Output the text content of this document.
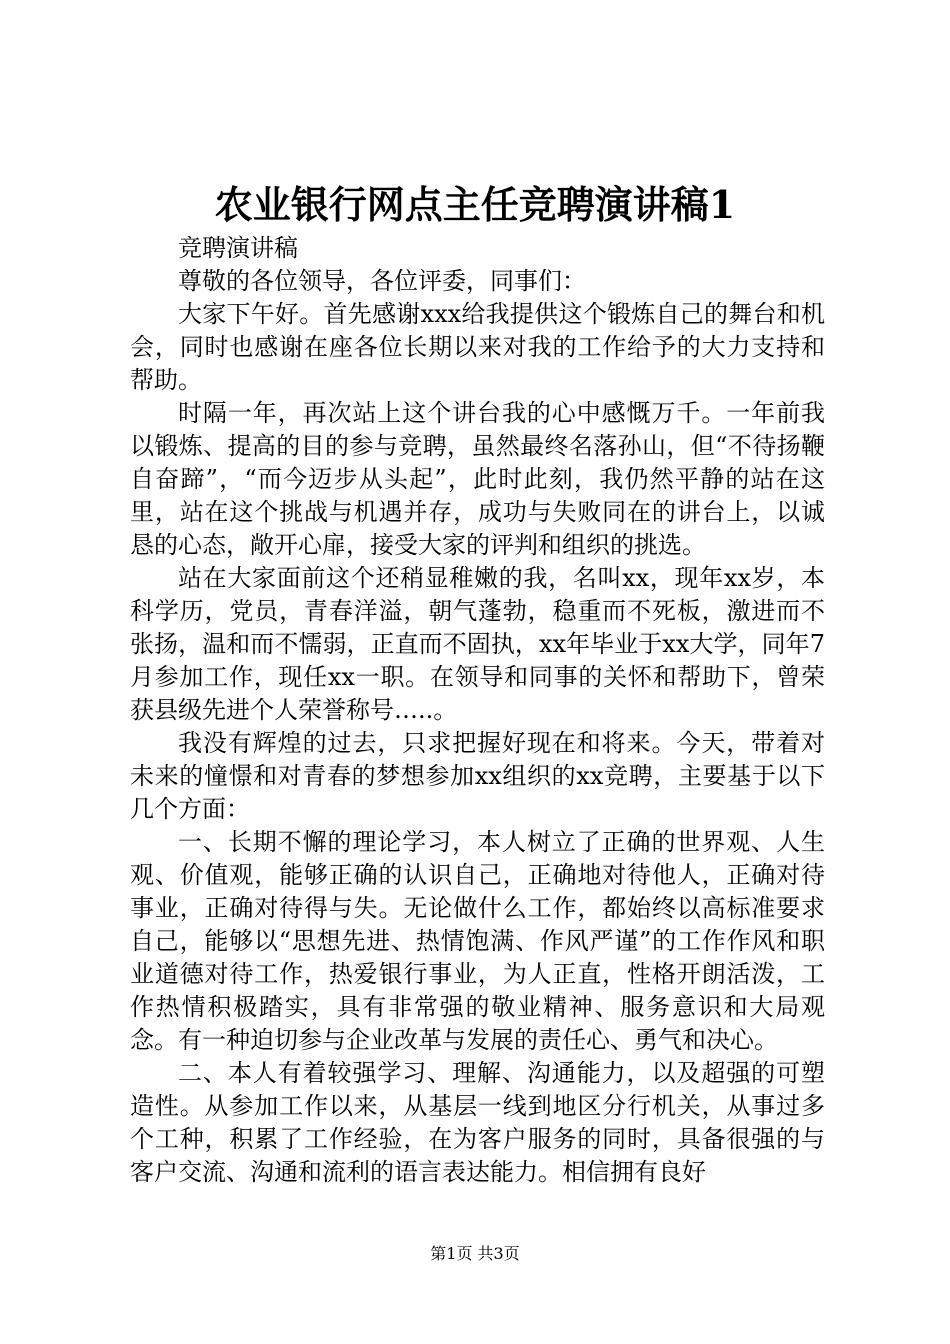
农业银行网点主任竞聘演讲稿1

竞聘演讲稿

尊敬的各位领导，各位评委，同事们：

大家下午好。首先感谢xxx给我提供这个锻炼自己的舞台和机会，同时也感谢在座各位长期以来对我的工作给予的大力支持和帮助。

时隔一年，再次站上这个讲台我的心中感慨万千。一年前我以锻炼、提高的目的参与竞聘，虽然最终名落孙山，但“不待扬鞭自奋蹄”，“而今迈步从头起”，此时此刻，我仍然平静的站在这里，站在这个挑战与机遇并存，成功与失败同在的讲台上，以诚恳的心态，敞开心扉，接受大家的评判和组织的挑选。

站在大家面前这个还稍显稚嫩的我，名叫xx，现年xx岁，本科学历，党员，青春洋溢，朝气蓬勃，稳重而不死板，激进而不张扬，温和而不懦弱，正直而不固执，xx年毕业于xx大学，同年7月参加工作，现任xx一职。在领导和同事的关怀和帮助下，曾荣获县级先进个人荣誉称号…..。

我没有辉煌的过去，只求把握好现在和将来。今天，带着对未来的憧憬和对青春的梦想参加xx组织的xx竞聘，主要基于以下几个方面：

一、长期不懈的理论学习，本人树立了正确的世界观、人生观、价值观，能够正确的认识自己，正确地对待他人，正确对待事业，正确对待得与失。无论做什么工作，都始终以高标准要求自己，能够以“思想先进、热情饱满、作风严谨”的工作作风和职业道德对待工作，热爱银行事业，为人正直，性格开朗活泼，工作热情积极踏实，具有非常强的敬业精神、服务意识和大局观念。有一种迫切参与企业改革与发展的责任心、勇气和决心。

二、本人有着较强学习、理解、沟通能力，以及超强的可塑造性。从参加工作以来，从基层一线到地区分行机关，从事过多个工种，积累了工作经验，在为客户服务的同时，具备很强的与客户交流、沟通和流利的语言表达能力。相信拥有良好

第1页 共3页
